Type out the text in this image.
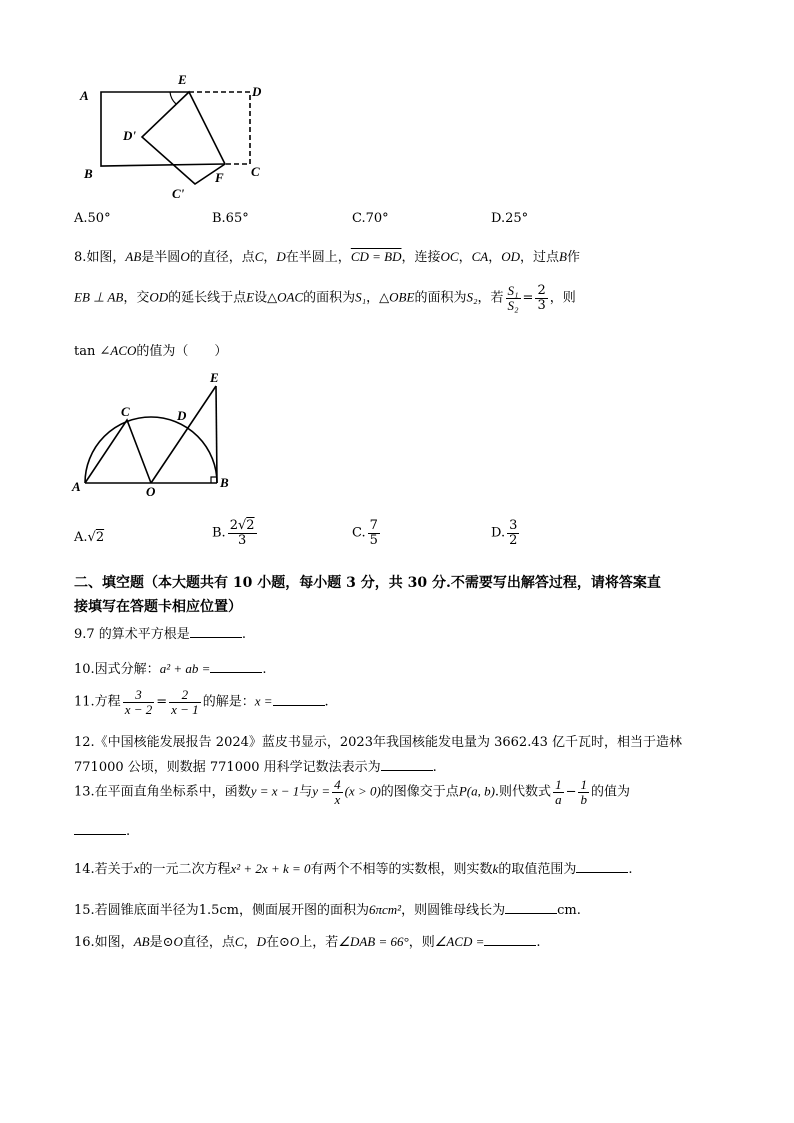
A
E
D
D'
B
C'
F C
A.50°	B.65°	C.70°	D.25°
8.如图，AB是半圆O的直径，点C，D在半圆上，CD = BD，连接OC，CA，OD，过点B作
EB ⊥ AB，交OD的延长线于点E设△OAC的面积为S₁，△OBE的面积为S₂，若 $\frac{\text{S₁}}{\text{S₂}} = \frac{2}{3}$ ，则
tan ∠ACO的值为（　　）
E
C	D
A	O
B
A.√2	B. $\frac{2√2}{3}$	C. $\frac{7}{5}$	D. $\frac{3}{2}$
二、填空题（本大题共有 10 小题，每小题 3 分，共 30 分.不需要写出解答过程，请将答案直
接填写在答题卡相应位置）
9.7 的算术平方根是	.
10.因式分解：a² + ab =	.
11.方程 $\frac{3}{x - 2} = \frac{2}{x - 1}$ 的解是：x =	.
12.《中国核能发展报告 2024》蓝皮书显示，2023年我国核能发电量为 3662.43 亿千瓦时，相当于造林
771000 公顷，则数据 771000 用科学记数法表示为	.
13.在平面直角坐标系中，函数y = x − 1与$y = \frac{4}{x} (x > 0)$的图像交于点P(a, b).则代数式 $\frac{1}{a} - \frac{1}{b}$ 的值为
.
14.若关于x的一元二次方程x² + 2x + k = 0有两个不相等的实数根，则实数k的取值范围为	.
15.若圆锥底面半径为1.5cm，侧面展开图的面积为6πcm²，则圆锥母线长为	cm.
16.如图，AB是⊙O直径，点C，D在⊙O上，若∠DAB = 66°，则∠ACD =	.
